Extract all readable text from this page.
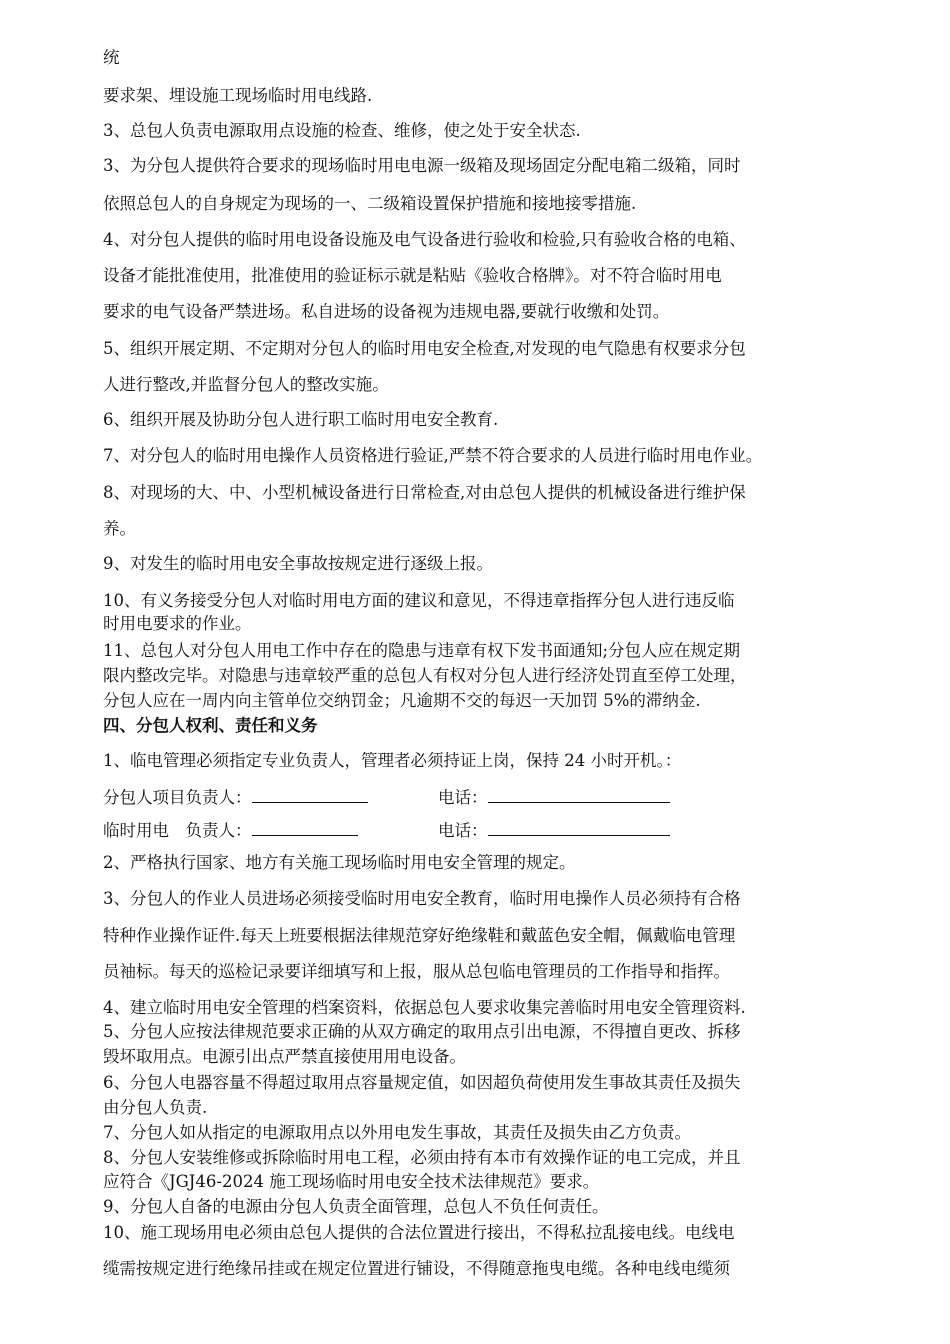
统
要求架、埋设施工现场临时用电线路.
3、总包人负责电源取用点设施的检查、维修，使之处于安全状态.
3、为分包人提供符合要求的现场临时用电电源一级箱及现场固定分配电箱二级箱，同时
依照总包人的自身规定为现场的一、二级箱设置保护措施和接地接零措施.
4、对分包人提供的临时用电设备设施及电气设备进行验收和检验,只有验收合格的电箱、
设备才能批准使用，批准使用的验证标示就是粘贴《验收合格牌》。对不符合临时用电
要求的电气设备严禁进场。私自进场的设备视为违规电器,要就行收缴和处罚。
5、组织开展定期、不定期对分包人的临时用电安全检查,对发现的电气隐患有权要求分包
人进行整改,并监督分包人的整改实施。
6、组织开展及协助分包人进行职工临时用电安全教育.
7、对分包人的临时用电操作人员资格进行验证,严禁不符合要求的人员进行临时用电作业。
8、对现场的大、中、小型机械设备进行日常检查,对由总包人提供的机械设备进行维护保
养。
9、对发生的临时用电安全事故按规定进行逐级上报。
10、有义务接受分包人对临时用电方面的建议和意见，不得违章指挥分包人进行违反临
时用电要求的作业。
11、总包人对分包人用电工作中存在的隐患与违章有权下发书面通知;分包人应在规定期
限内整改完毕。对隐患与违章较严重的总包人有权对分包人进行经济处罚直至停工处理，
分包人应在一周内向主管单位交纳罚金；凡逾期不交的每迟一天加罚 5%的滞纳金.
四、分包人权利、责任和义务
1、临电管理必须指定专业负责人，管理者必须持证上岗，保持 24 小时开机。：
分包人项目负责人：	电话：
临时用电　负责人：	电话：
2、严格执行国家、地方有关施工现场临时用电安全管理的规定。
3、分包人的作业人员进场必须接受临时用电安全教育，临时用电操作人员必须持有合格
特种作业操作证件.每天上班要根据法律规范穿好绝缘鞋和戴蓝色安全帽，佩戴临电管理
员袖标。每天的巡检记录要详细填写和上报，服从总包临电管理员的工作指导和指挥。
4、建立临时用电安全管理的档案资料，依据总包人要求收集完善临时用电安全管理资料.
5、分包人应按法律规范要求正确的从双方确定的取用点引出电源，不得擅自更改、拆移
毁坏取用点。电源引出点严禁直接使用用电设备。
6、分包人电器容量不得超过取用点容量规定值，如因超负荷使用发生事故其责任及损失
由分包人负责.
7、分包人如从指定的电源取用点以外用电发生事故，其责任及损失由乙方负责。
8、分包人安装维修或拆除临时用电工程，必须由持有本市有效操作证的电工完成，并且
应符合《JGJ46-2024 施工现场临时用电安全技术法律规范》要求。
9、分包人自备的电源由分包人负责全面管理，总包人不负任何责任。
10、施工现场用电必须由总包人提供的合法位置进行接出，不得私拉乱接电线。电线电
缆需按规定进行绝缘吊挂或在规定位置进行铺设，不得随意拖曳电缆。各种电线电缆须
